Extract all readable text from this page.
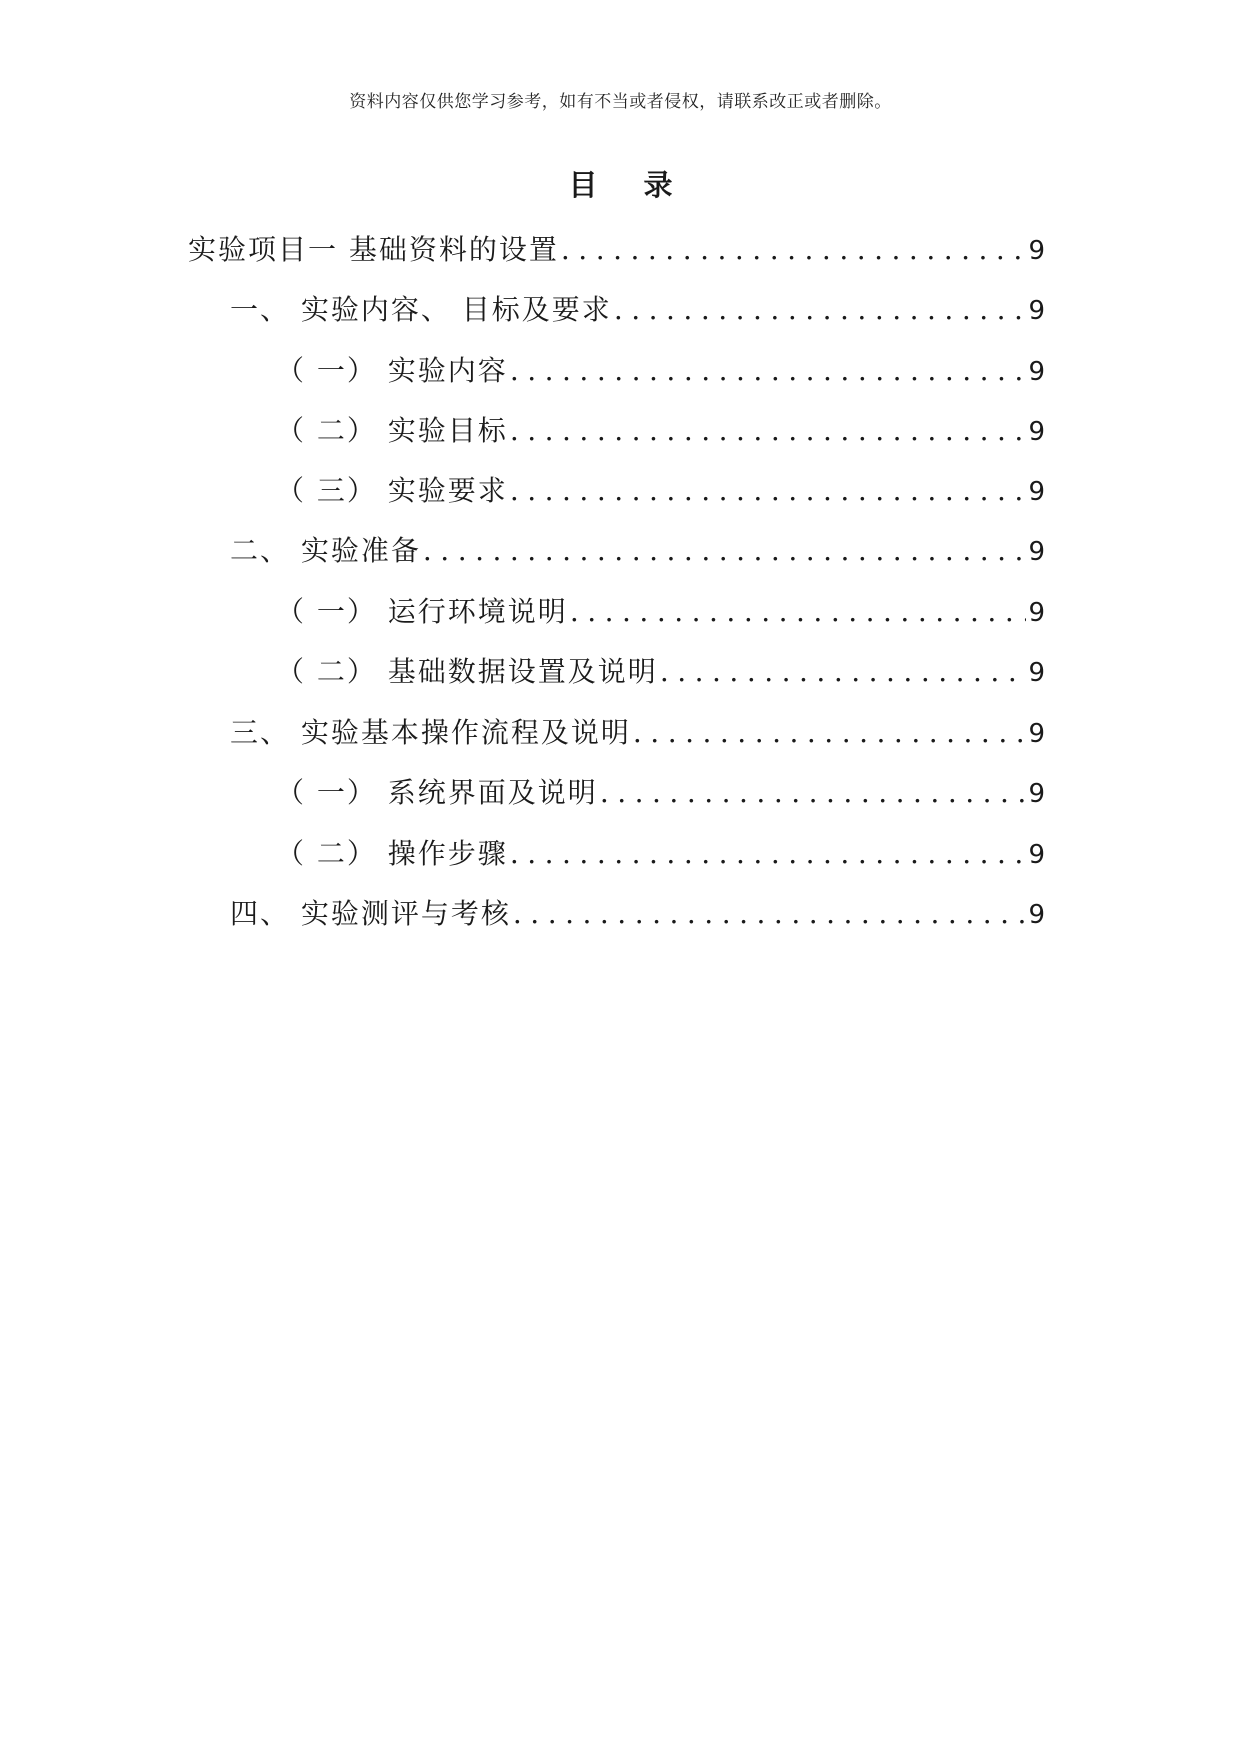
资料内容仅供您学习参考，如有不当或者侵权，请联系改正或者删除。
目 录
实验项目一 基础资料的设置 .....	9
一、 实验内容、 目标及要求 .....	9
（ 一） 实验内容 .....	9
（ 二） 实验目标 .....	9
（ 三） 实验要求 .....	9
二、 实验准备 .....	9
（ 一） 运行环境说明 .....	9
（ 二） 基础数据设置及说明 .....	9
三、 实验基本操作流程及说明 .....	9
（ 一） 系统界面及说明 .....	9
（ 二） 操作步骤 .....	9
四、 实验测评与考核 .....	9
